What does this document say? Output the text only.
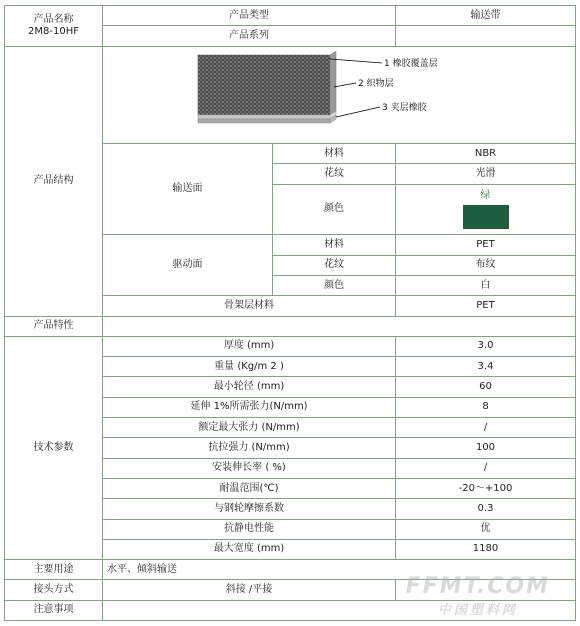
产品名称
2M8-10HF	产品类型		输送带
	产品系列		
产品结构	1 橡胶覆盖层
2 织物层
3 夹层橡胶		

	输送面	材料	NBR
		花纹	光滑
		颜色	绿

	驱动面	材料	PET
		花纹	布纹
		颜色	白
	骨架层材料		PET
产品特性			
技术参数	厚度 (mm)		3.0
	重量 (Kg/m 2 )		3.4
	最小轮径 (mm)		60
	延伸 1%所需张力(N/mm)		8
	额定最大张力 (N/mm)		/
	抗拉强力 (N/mm)		100
	安装伸长率 ( %)		/
	耐温范围(℃)		-20～+100
	与钢轮摩擦系数		0.3
	抗静电性能		优
	最大宽度 (mm)		1180
主要用途	水平、倾斜输送		
接头方式	斜接 /平接		
注意事项			
FFMT.COM
中国塑料网
